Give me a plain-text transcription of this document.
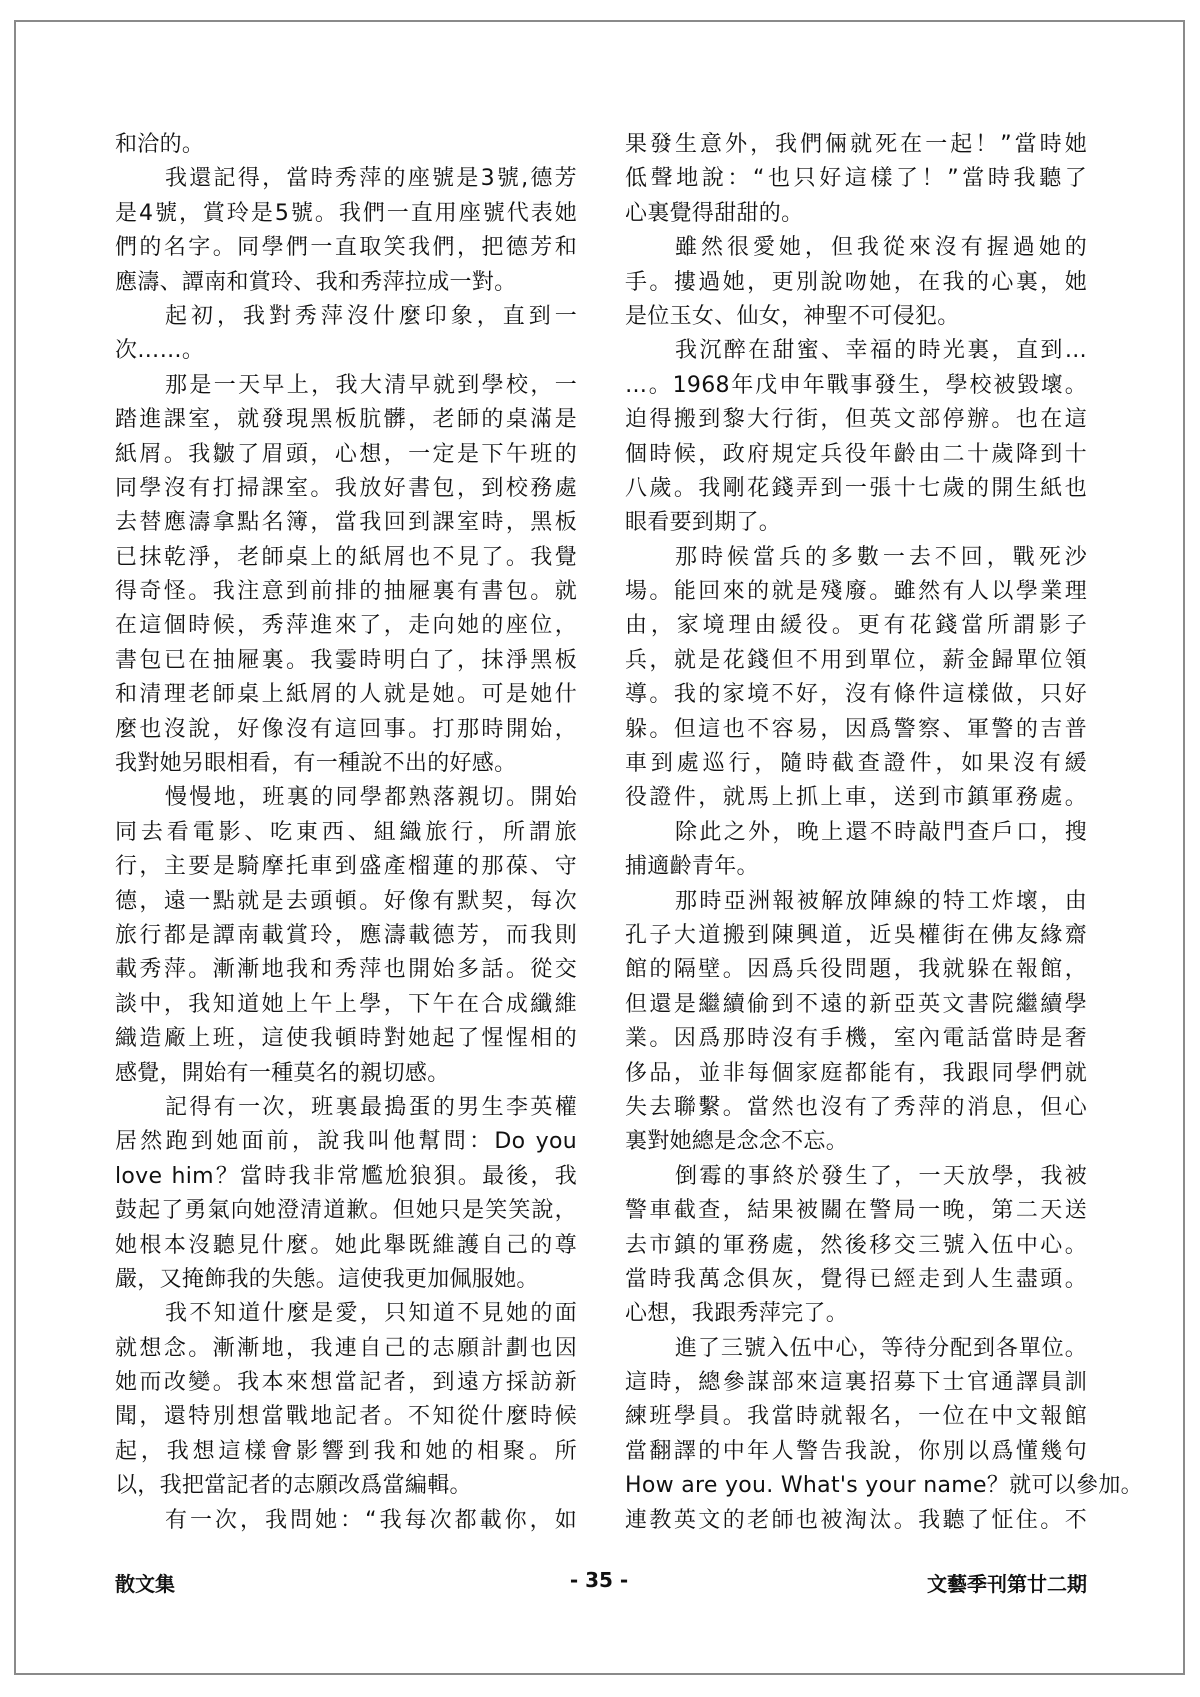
和洽的。
我還記得，當時秀萍的座號是3號,德芳
是4號，賞玲是5號。我們一直用座號代表她
們的名字。同學們一直取笑我們，把德芳和
應濤、譚南和賞玲、我和秀萍拉成一對。
起初，我對秀萍沒什麼印象，直到一
次……。
那是一天早上，我大清早就到學校，一
踏進課室，就發現黑板肮髒，老師的桌滿是
紙屑。我皺了眉頭，心想，一定是下午班的
同學沒有打掃課室。我放好書包，到校務處
去替應濤拿點名簿，當我回到課室時，黑板
已抹乾淨，老師桌上的紙屑也不見了。我覺
得奇怪。我注意到前排的抽屜裏有書包。就
在這個時候，秀萍進來了，走向她的座位，
書包已在抽屜裏。我霎時明白了，抹淨黑板
和清理老師桌上紙屑的人就是她。可是她什
麼也沒說，好像沒有這回事。打那時開始，
我對她另眼相看，有一種說不出的好感。
慢慢地，班裏的同學都熟落親切。開始
同去看電影、吃東西、組織旅行，所謂旅
行，主要是騎摩托車到盛產榴蓮的那葆、守
德，遠一點就是去頭頓。好像有默契，每次
旅行都是譚南載賞玲，應濤載德芳，而我則
載秀萍。漸漸地我和秀萍也開始多話。從交
談中，我知道她上午上學，下午在合成纖維
織造廠上班，這使我頓時對她起了惺惺相的
感覺，開始有一種莫名的親切感。
記得有一次，班裏最搗蛋的男生李英權
居然跑到她面前，說我叫他幫問：Do you
love him？當時我非常尷尬狼狽。最後，我
鼓起了勇氣向她澄清道歉。但她只是笑笑說，
她根本沒聽見什麼。她此舉既維護自己的尊
嚴，又掩飾我的失態。這使我更加佩服她。
我不知道什麼是愛，只知道不見她的面
就想念。漸漸地，我連自己的志願計劃也因
她而改變。我本來想當記者，到遠方採訪新
聞，還特別想當戰地記者。不知從什麼時候
起，我想這樣會影響到我和她的相聚。所
以，我把當記者的志願改爲當編輯。
有一次，我問她：“我每次都載你，如
果發生意外，我們倆就死在一起！”當時她
低聲地說：“也只好這樣了！”當時我聽了
心裏覺得甜甜的。
雖然很愛她，但我從來沒有握過她的
手。摟過她，更別說吻她，在我的心裏，她
是位玉女、仙女，神聖不可侵犯。
我沉醉在甜蜜、幸福的時光裏，直到…
…。1968年戊申年戰事發生，學校被毀壞。
迫得搬到黎大行街，但英文部停辦。也在這
個時候，政府規定兵役年齡由二十歲降到十
八歲。我剛花錢弄到一張十七歲的開生紙也
眼看要到期了。
那時候當兵的多數一去不回，戰死沙
場。能回來的就是殘廢。雖然有人以學業理
由，家境理由緩役。更有花錢當所謂影子
兵，就是花錢但不用到單位，薪金歸單位領
導。我的家境不好，沒有條件這樣做，只好
躲。但這也不容易，因爲警察、軍警的吉普
車到處巡行，隨時截查證件，如果沒有緩
役證件，就馬上抓上車，送到市鎮軍務處。
除此之外，晚上還不時敲門查戶口，搜
捕適齡青年。
那時亞洲報被解放陣線的特工炸壞，由
孔子大道搬到陳興道，近吳權街在佛友緣齋
館的隔壁。因爲兵役問題，我就躲在報館，
但還是繼續偷到不遠的新亞英文書院繼續學
業。因爲那時沒有手機，室內電話當時是奢
侈品，並非每個家庭都能有，我跟同學們就
失去聯繫。當然也沒有了秀萍的消息，但心
裏對她總是念念不忘。
倒霉的事終於發生了，一天放學，我被
警車截查，結果被關在警局一晚，第二天送
去市鎮的軍務處，然後移交三號入伍中心。
當時我萬念俱灰，覺得已經走到人生盡頭。
心想，我跟秀萍完了。
進了三號入伍中心，等待分配到各單位。
這時，總參謀部來這裏招募下士官通譯員訓
練班學員。我當時就報名，一位在中文報館
當翻譯的中年人警告我說，你別以爲懂幾句
How are you. What's your name？就可以參加。
連教英文的老師也被淘汰。我聽了怔住。不
散文集	- 35 -	文藝季刊第廿二期
